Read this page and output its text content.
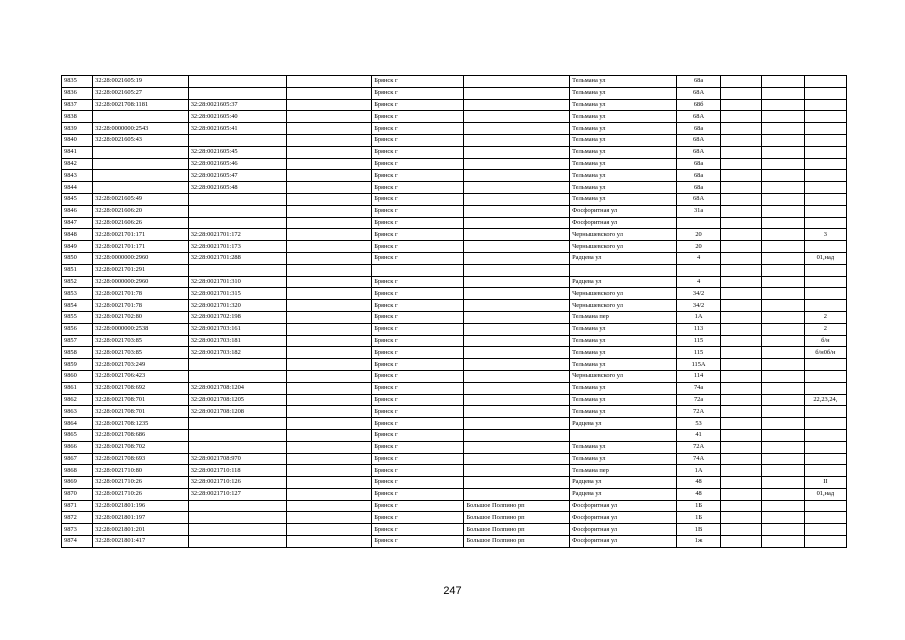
9835	32:28:0021605:19			Брянск г		Тельмана ул	68а			
9836	32:28:0021605:27			Брянск г		Тельмана ул	68А			
9837	32:28:0021708:1181	32:28:0021605:37		Брянск г		Тельмана ул	68б			
9838		32:28:0021605:40		Брянск г		Тельмана ул	68А			
9839	32:28:0000000:2543	32:28:0021605:41		Брянск г		Тельмана ул	68а			
9840	32:28:0021605:43			Брянск г		Тельмана ул	68А			
9841		32:28:0021605:45		Брянск г		Тельмана ул	68А			
9842		32:28:0021605:46		Брянск г		Тельмана ул	68а			
9843		32:28:0021605:47		Брянск г		Тельмана ул	68а			
9844		32:28:0021605:48		Брянск г		Тельмана ул	68а			
9845	32:28:0021605:49			Брянск г		Тельмана ул	68А			
9846	32:28:0021606:20			Брянск г		Фосфоритная ул	31а			
9847	32:28:0021606:26			Брянск г		Фосфоритная ул				
9848	32:28:0021701:171	32:28:0021701:172		Брянск г		Чернышевского ул	20			3
9849	32:28:0021701:171	32:28:0021701:173		Брянск г		Чернышевского ул	20			
9850	32:28:0000000:2960	32:28:0021701:288		Брянск г		Радцева ул	4			01,над
9851	32:28:0021701:291									
9852	32:28:0000000:2960	32:28:0021701:310		Брянск г		Радцева ул	4			
9853	32:28:0021701:78	32:28:0021701:315		Брянск г		Чернышевского ул	34/2			
9854	32:28:0021701:78	32:28:0021701:320		Брянск г		Чернышевского ул	34/2			
9855	32:28:0021702:80	32:28:0021702:198		Брянск г		Тельмана пер	1А			2
9856	32:28:0000000:2538	32:28:0021703:161		Брянск г		Тельмана ул	113			2
9857	32:28:0021703:85	32:28:0021703:181		Брянск г		Тельмана ул	115			б/н
9858	32:28:0021703:85	32:28:0021703:182		Брянск г		Тельмана ул	115			б/н0б/н
9859	32:28:0021703:249			Брянск г		Тельмана ул	115А			
9860	32:28:0021706:423			Брянск г		Чернышевского ул	114			
9861	32:28:0021708:692	32:28:0021708:1204		Брянск г		Тельмана ул	74а			
9862	32:28:0021708:701	32:28:0021708:1205		Брянск г		Тельмана ул	72а			22,23,24,
9863	32:28:0021708:701	32:28:0021708:1208		Брянск г		Тельмана ул	72А			
9864	32:28:0021708:1235			Брянск г		Радцева ул	53			
9865	32:28:0021708:686			Брянск г			41			
9866	32:28:0021708:702			Брянск г		Тельмана ул	72А			
9867	32:28:0021708:693	32:28:0021708:970		Брянск г		Тельмана ул	74А			
9868	32:28:0021710:80	32:28:0021710:118		Брянск г		Тельмана пер	1А			
9869	32:28:0021710:26	32:28:0021710:126		Брянск г		Радцева ул	48			II
9870	32:28:0021710:26	32:28:0021710:127		Брянск г		Радцева ул	48			01,над
9871	32:28:0021801:196			Брянск г	Большое Полпино рп	Фосфоритная ул	1Б			
9872	32:28:0021801:197			Брянск г	Большое Полпино рп	Фосфоритная ул	1Б			
9873	32:28:0021801:201			Брянск г	Большое Полпино рп	Фосфоритная ул	1В			
9874	32:28:0021801:417			Брянск г	Большое Полпино рп	Фосфоритная ул	1ж			
247
